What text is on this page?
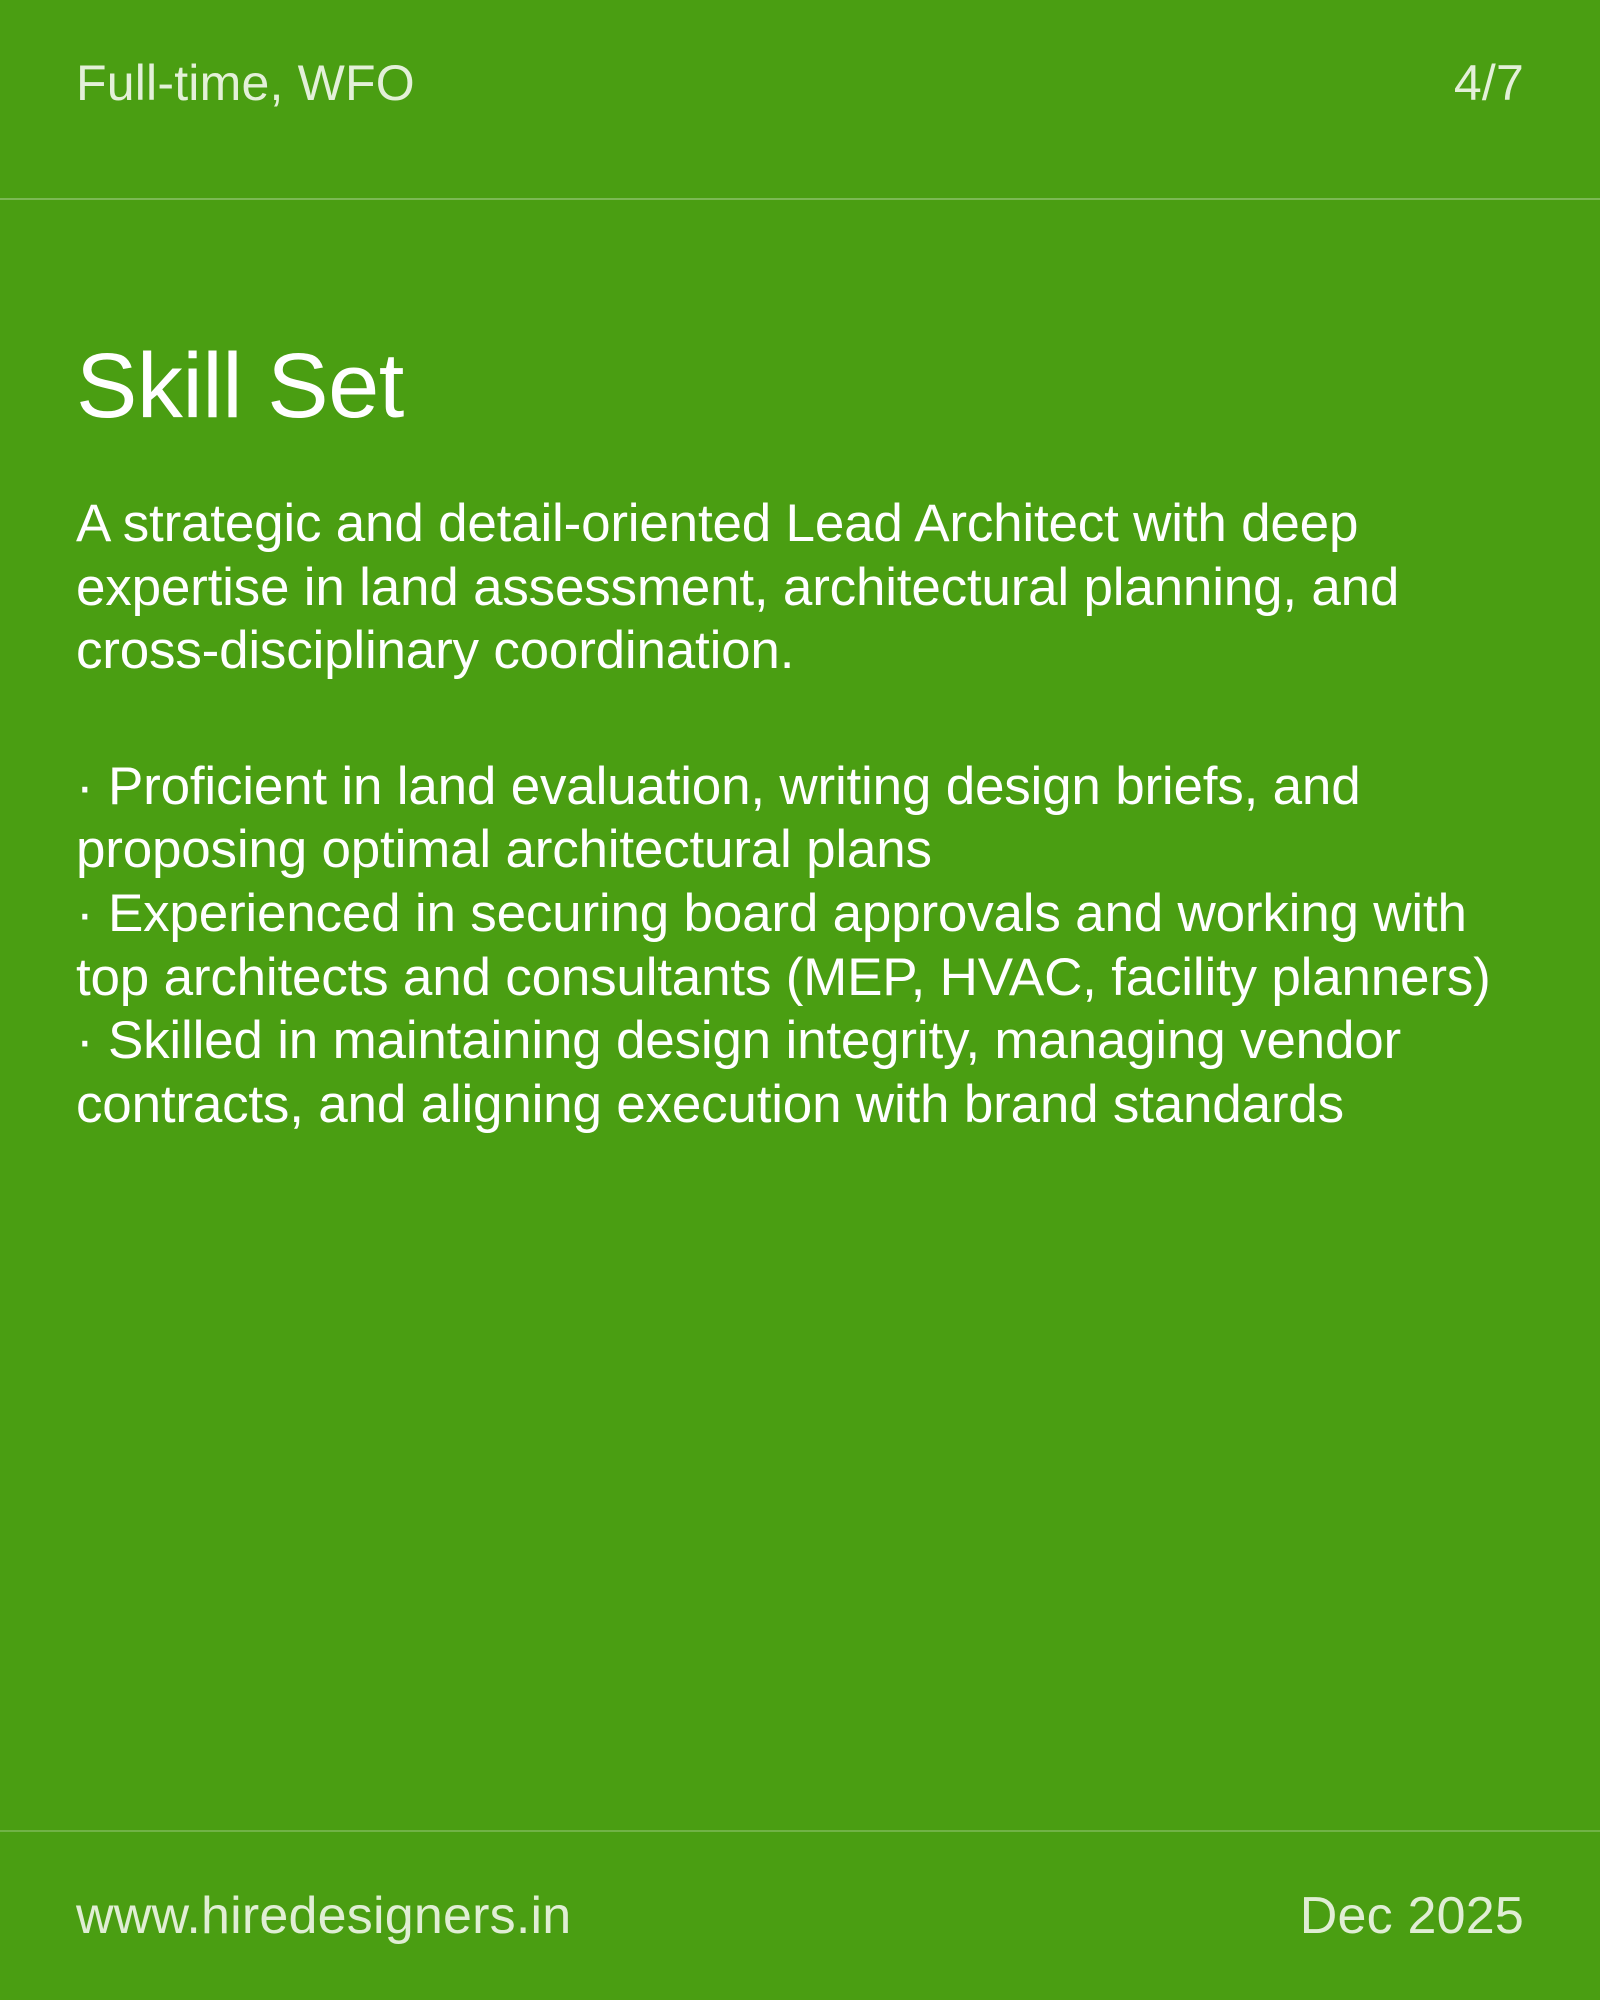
Full-time, WFO	4/7
Skill Set

A strategic and detail-oriented Lead Architect with deep expertise in land assessment, architectural planning, and cross-disciplinary coordination.

· Proficient in land evaluation, writing design briefs, and proposing optimal architectural plans
· Experienced in securing board approvals and working with top architects and consultants (MEP, HVAC, facility planners)
· Skilled in maintaining design integrity, managing vendor contracts, and aligning execution with brand standards
www.hiredesigners.in	Dec 2025
